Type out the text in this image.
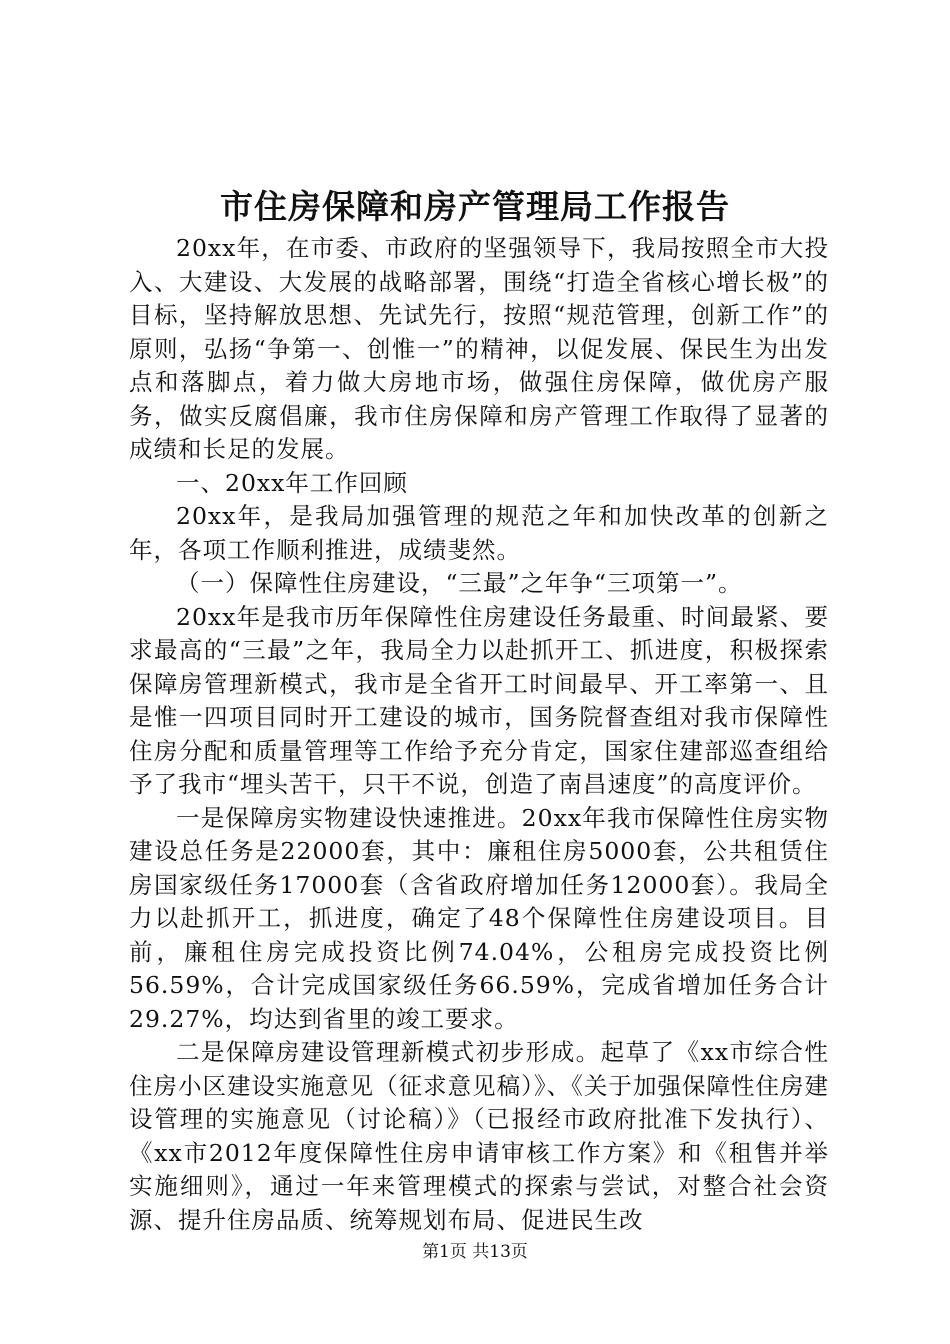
市住房保障和房产管理局工作报告

20xx年，在市委、市政府的坚强领导下，我局按照全市大投入、大建设、大发展的战略部署，围绕“打造全省核心增长极”的目标，坚持解放思想、先试先行，按照“规范管理，创新工作”的原则，弘扬“争第一、创惟一”的精神，以促发展、保民生为出发点和落脚点，着力做大房地市场，做强住房保障，做优房产服务，做实反腐倡廉，我市住房保障和房产管理工作取得了显著的成绩和长足的发展。

一、20xx年工作回顾

20xx年，是我局加强管理的规范之年和加快改革的创新之年，各项工作顺利推进，成绩斐然。

（一）保障性住房建设，“三最”之年争“三项第一”。

20xx年是我市历年保障性住房建设任务最重、时间最紧、要求最高的“三最”之年，我局全力以赴抓开工、抓进度，积极探索保障房管理新模式，我市是全省开工时间最早、开工率第一、且是惟一四项目同时开工建设的城市，国务院督查组对我市保障性住房分配和质量管理等工作给予充分肯定，国家住建部巡查组给予了我市“埋头苦干，只干不说，创造了南昌速度”的高度评价。

一是保障房实物建设快速推进。20xx年我市保障性住房实物建设总任务是22000套，其中：廉租住房5000套，公共租赁住房国家级任务17000套（含省政府增加任务12000套）。我局全力以赴抓开工，抓进度，确定了48个保障性住房建设项目。目前，廉租住房完成投资比例74.04%，公租房完成投资比例56.59%，合计完成国家级任务66.59%，完成省增加任务合计29.27%，均达到省里的竣工要求。

二是保障房建设管理新模式初步形成。起草了《xx市综合性住房小区建设实施意见（征求意见稿）》、《关于加强保障性住房建设管理的实施意见（讨论稿）》（已报经市政府批准下发执行）、《xx市2012年度保障性住房申请审核工作方案》和《租售并举实施细则》，通过一年来管理模式的探索与尝试，对整合社会资源、提升住房品质、统筹规划布局、促进民生改

第1页 共13页
